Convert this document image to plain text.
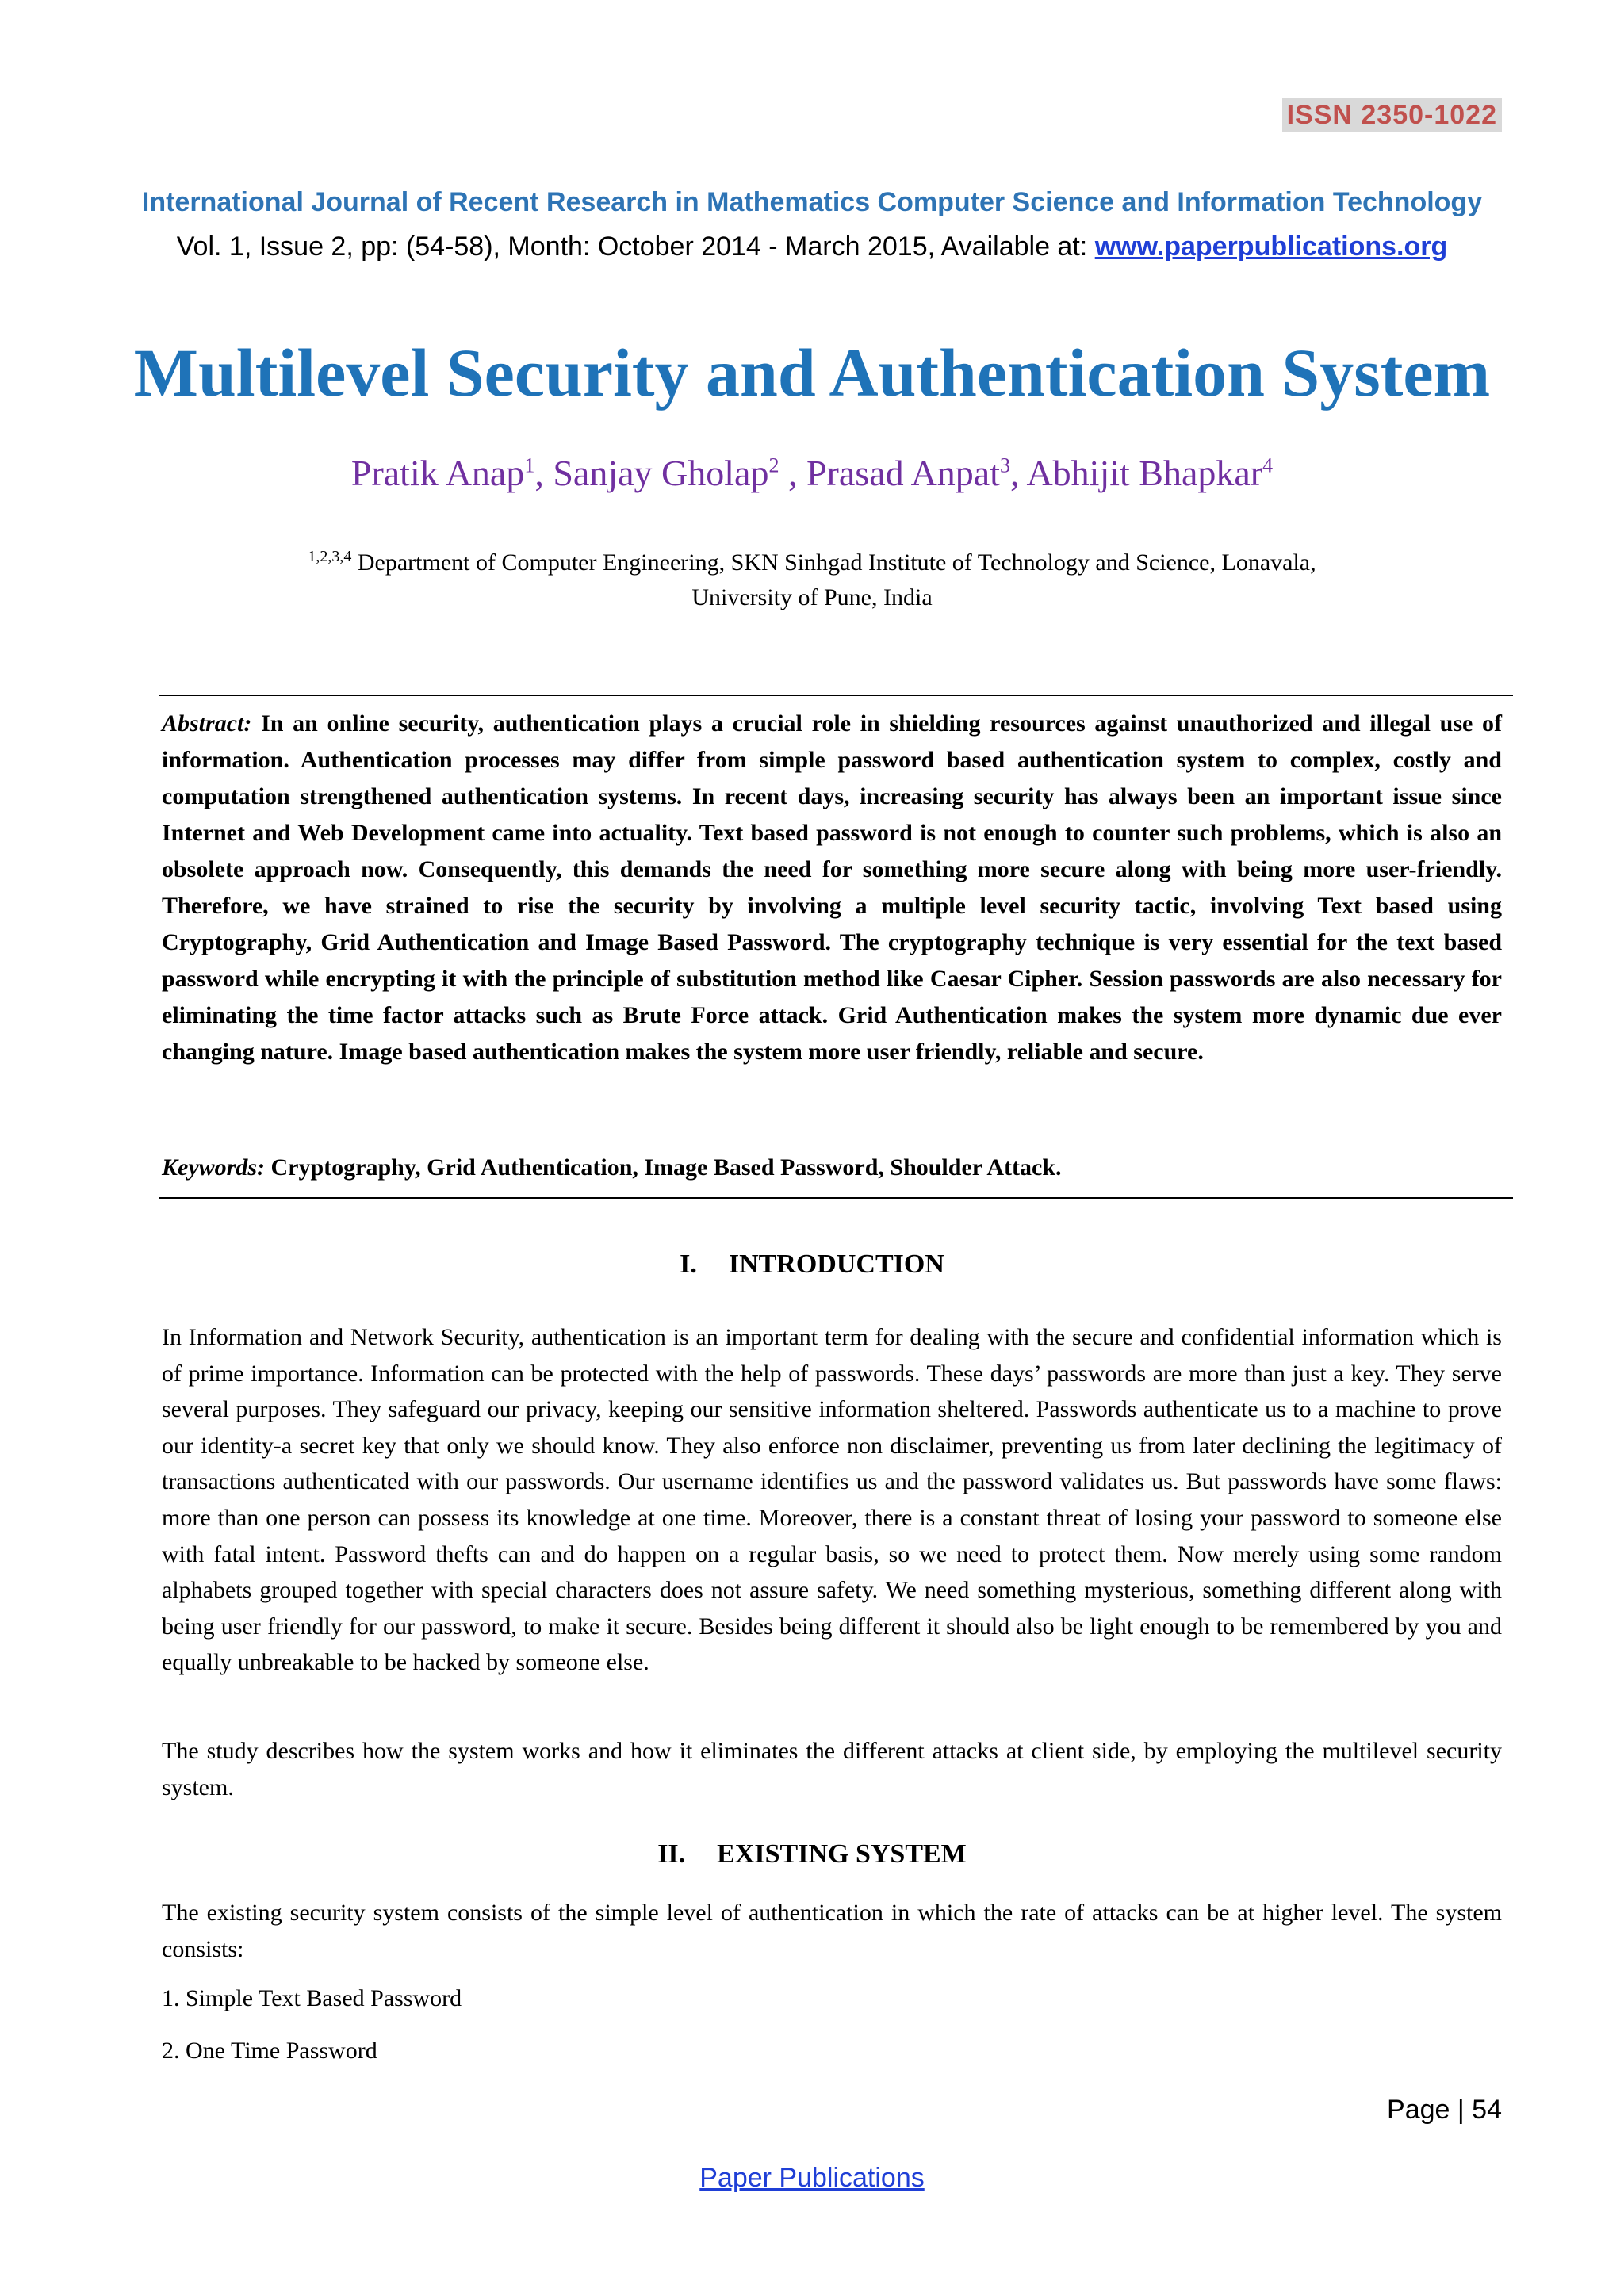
ISSN 2350-1022
International Journal of Recent Research in Mathematics Computer Science and Information Technology
Vol. 1, Issue 2, pp: (54-58), Month: October 2014 - March 2015, Available at: www.paperpublications.org
Multilevel Security and Authentication System
Pratik Anap$^1$, Sanjay Gholap$^2$ , Prasad Anpat$^3$, Abhijit Bhapkar$^4$
$^{1,2,3,4}$ Department of Computer Engineering, SKN Sinhgad Institute of Technology and Science, Lonavala,
University of Pune, India
Abstract: In an online security, authentication plays a crucial role in shielding resources against unauthorized and illegal use of information. Authentication processes may differ from simple password based authentication system to complex, costly and computation strengthened authentication systems. In recent days, increasing security has always been an important issue since Internet and Web Development came into actuality. Text based password is not enough to counter such problems, which is also an obsolete approach now. Consequently, this demands the need for something more secure along with being more user-friendly. Therefore, we have strained to rise the security by involving a multiple level security tactic, involving Text based using Cryptography, Grid Authentication and Image Based Password. The cryptography technique is very essential for the text based password while encrypting it with the principle of substitution method like Caesar Cipher. Session passwords are also necessary for eliminating the time factor attacks such as Brute Force attack. Grid Authentication makes the system more dynamic due ever changing nature. Image based authentication makes the system more user friendly, reliable and secure.
Keywords: Cryptography, Grid Authentication, Image Based Password, Shoulder Attack.
I. INTRODUCTION
In Information and Network Security, authentication is an important term for dealing with the secure and confidential information which is of prime importance. Information can be protected with the help of passwords. These days’ passwords are more than just a key. They serve several purposes. They safeguard our privacy, keeping our sensitive information sheltered. Passwords authenticate us to a machine to prove our identity-a secret key that only we should know. They also enforce non disclaimer, preventing us from later declining the legitimacy of transactions authenticated with our passwords. Our username identifies us and the password validates us. But passwords have some flaws: more than one person can possess its knowledge at one time. Moreover, there is a constant threat of losing your password to someone else with fatal intent. Password thefts can and do happen on a regular basis, so we need to protect them. Now merely using some random alphabets grouped together with special characters does not assure safety. We need something mysterious, something different along with being user friendly for our password, to make it secure. Besides being different it should also be light enough to be remembered by you and equally unbreakable to be hacked by someone else.
The study describes how the system works and how it eliminates the different attacks at client side, by employing the multilevel security system.
II. EXISTING SYSTEM
The existing security system consists of the simple level of authentication in which the rate of attacks can be at higher level. The system consists:
1. Simple Text Based Password
2. One Time Password
Page | 54
Paper Publications
